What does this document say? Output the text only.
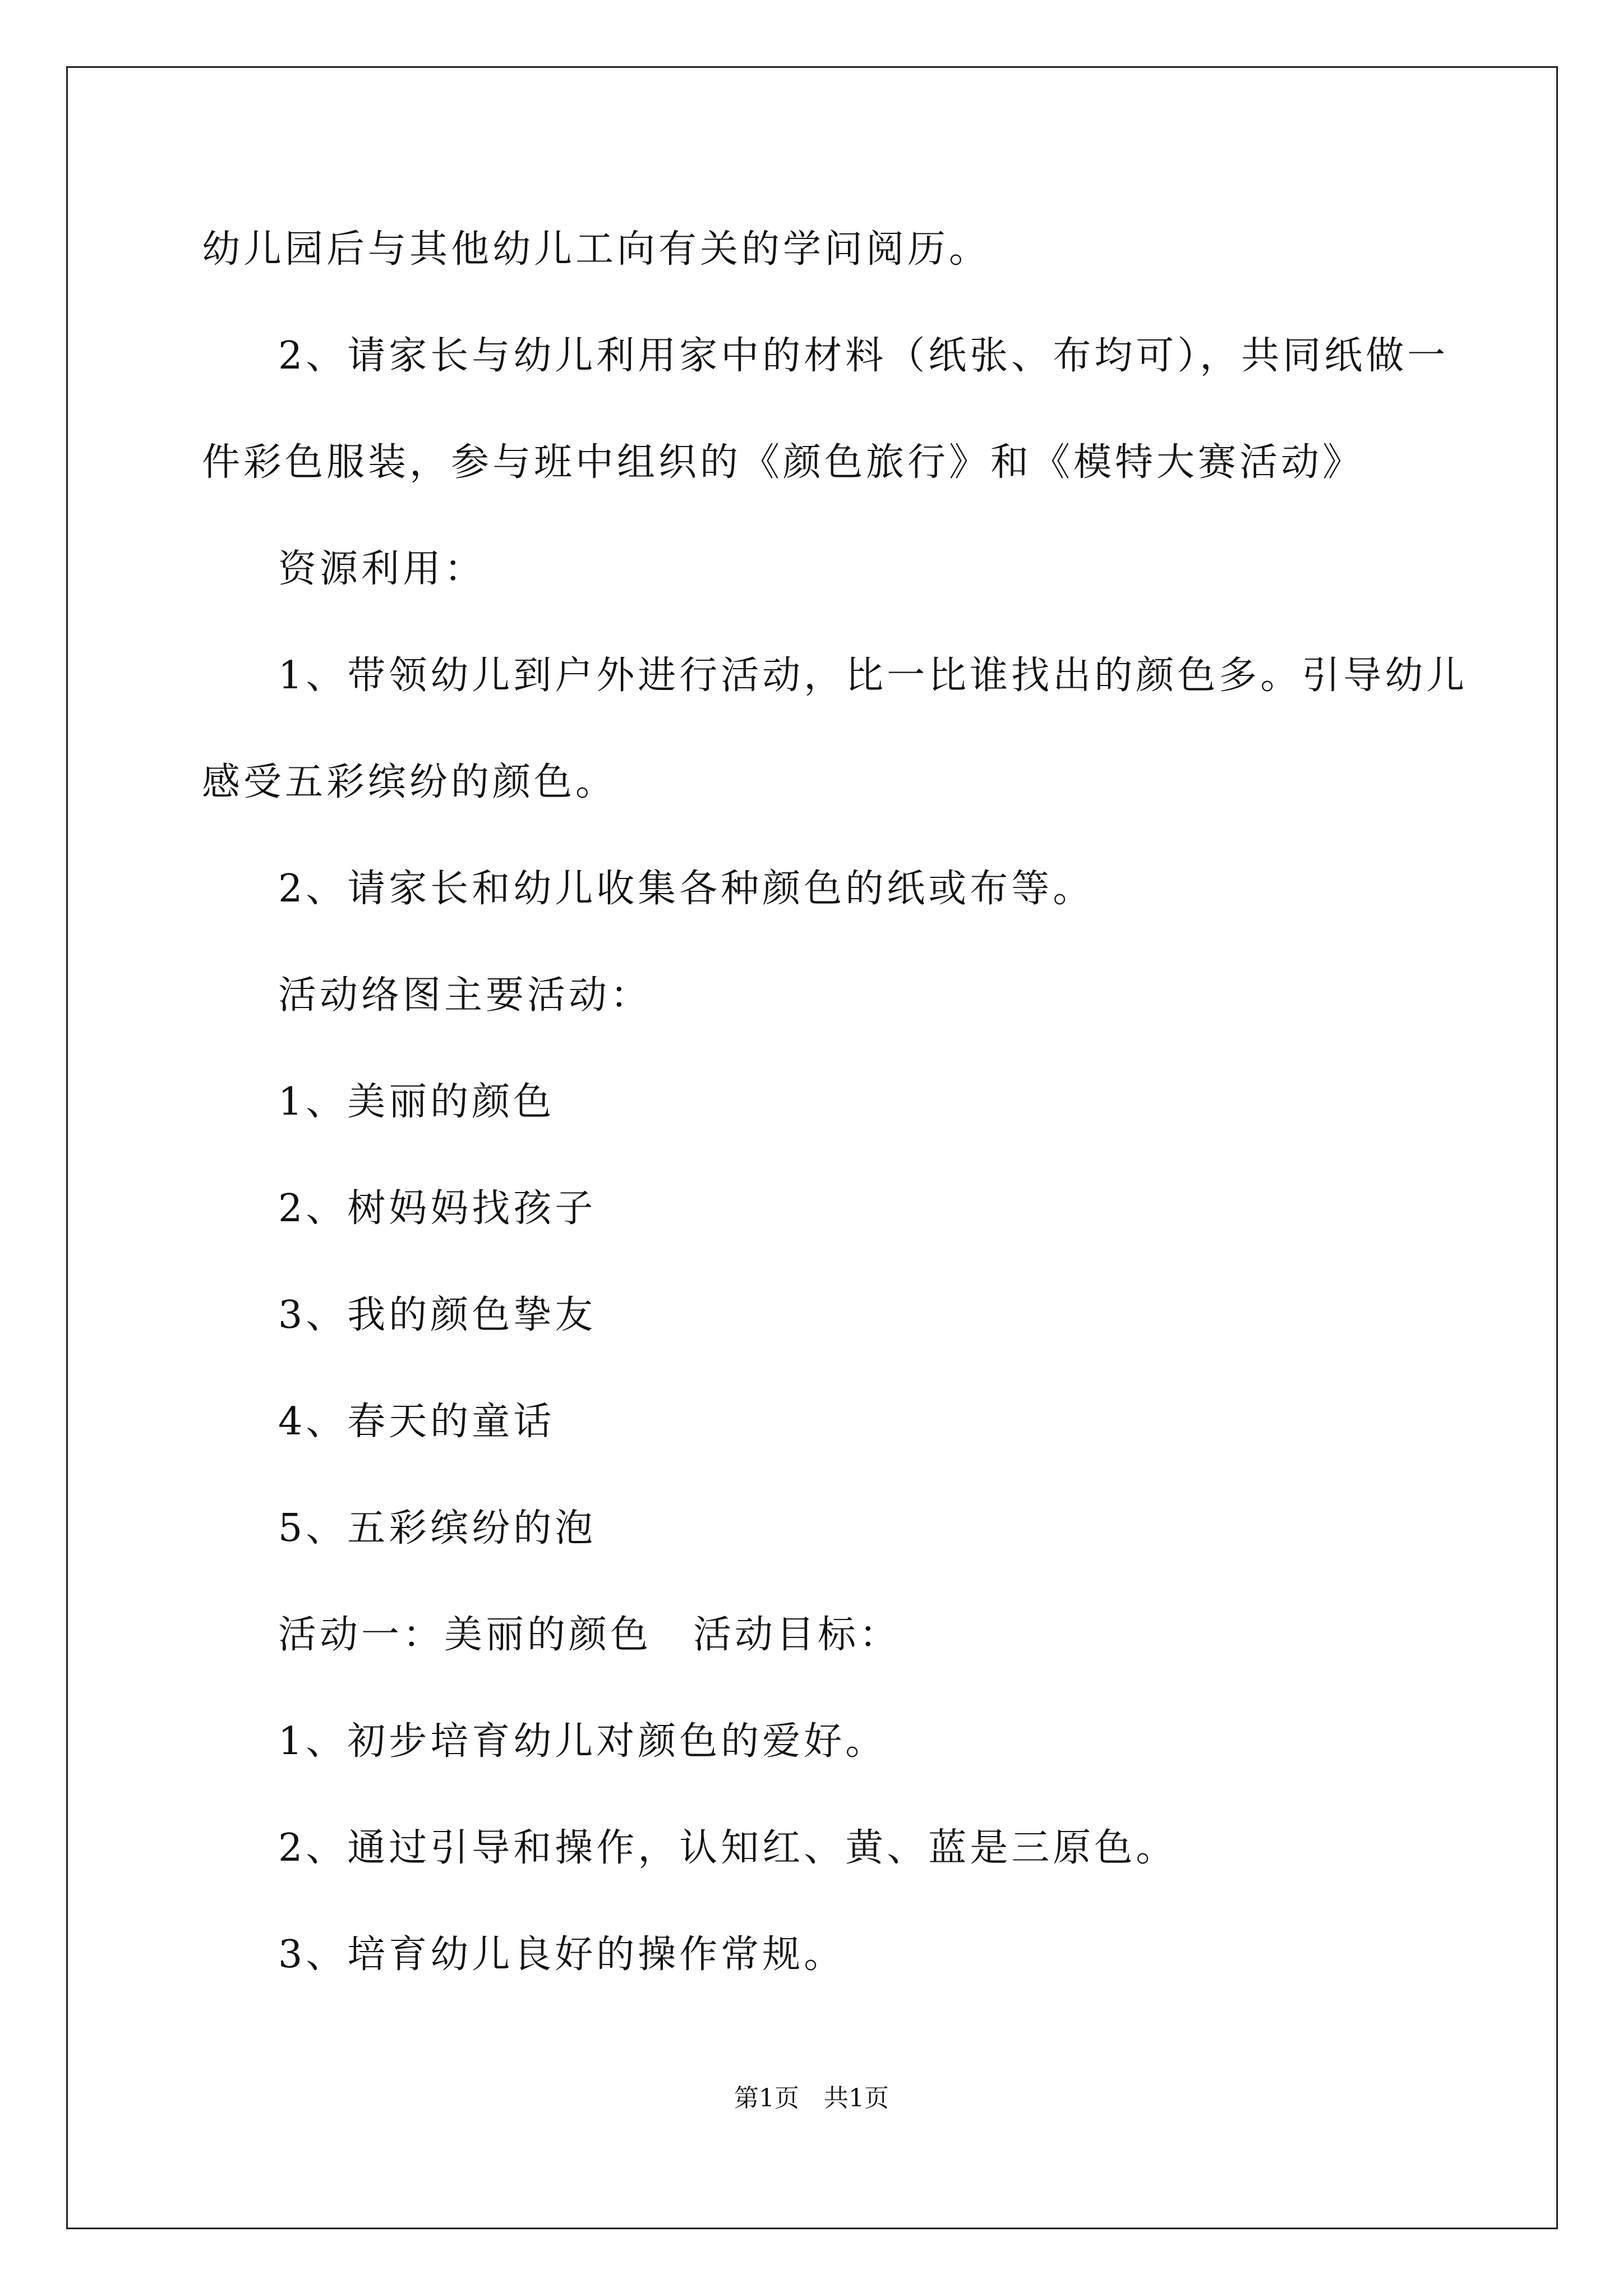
幼儿园后与其他幼儿工向有关的学问阅历。
2、请家长与幼儿利用家中的材料（纸张、布均可），共同纸做一
件彩色服装，参与班中组织的《颜色旅行》和《模特大赛活动》
资源利用：
1、带领幼儿到户外进行活动，比一比谁找出的颜色多。引导幼儿
感受五彩缤纷的颜色。
2、请家长和幼儿收集各种颜色的纸或布等。
活动络图主要活动：
1、美丽的颜色
2、树妈妈找孩子
3、我的颜色挚友
4、春天的童话
5、五彩缤纷的泡
活动一：美丽的颜色　活动目标：
1、初步培育幼儿对颜色的爱好。
2、通过引导和操作，认知红、黄、蓝是三原色。
3、培育幼儿良好的操作常规。
第1页　共1页
